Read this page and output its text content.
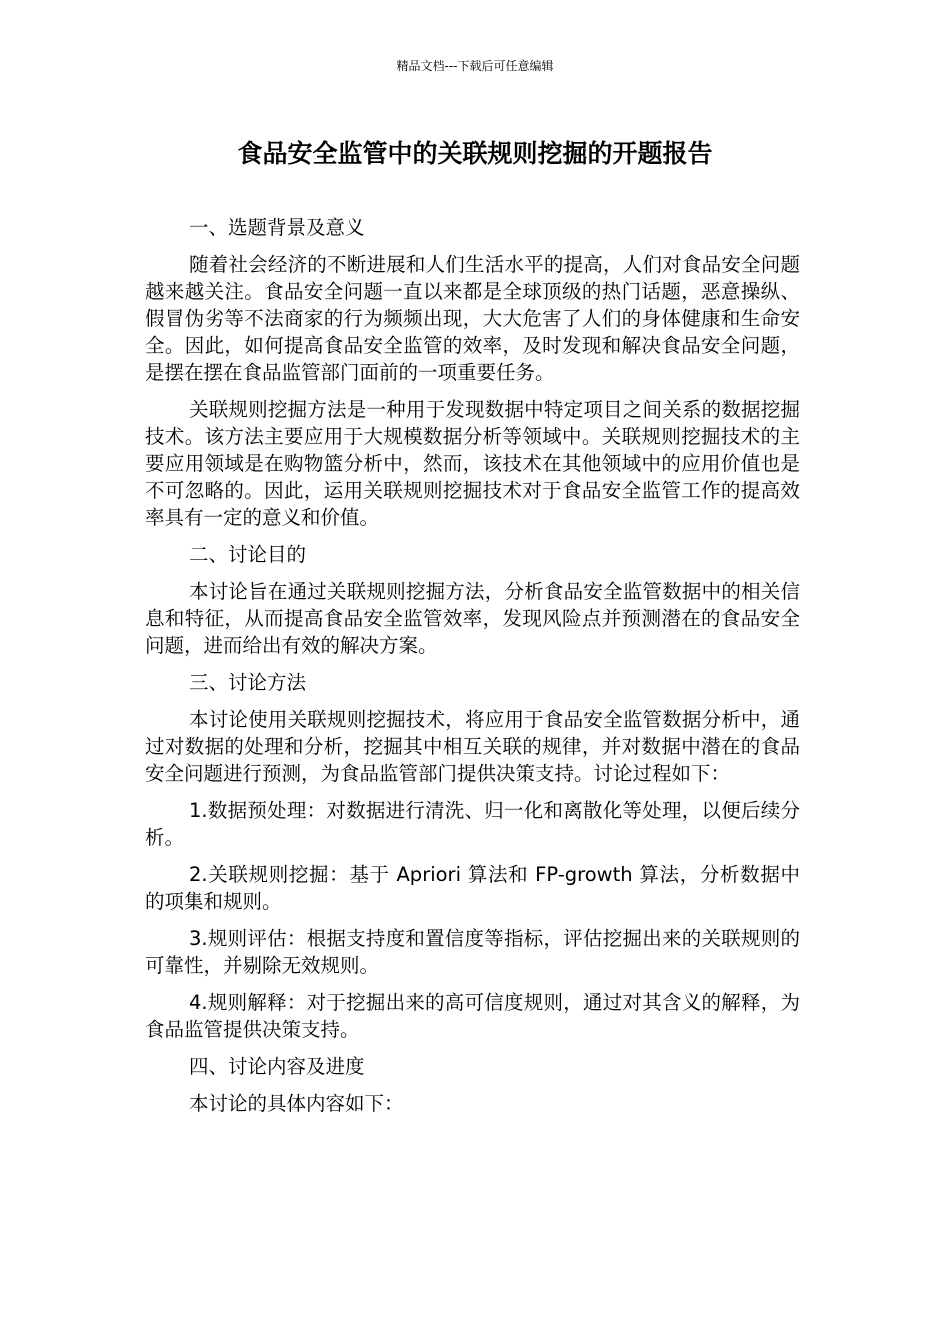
精品文档---下载后可任意编辑
食品安全监管中的关联规则挖掘的开题报告

一、选题背景及意义

随着社会经济的不断进展和人们生活水平的提高，人们对食品安全问题越来越关注。食品安全问题一直以来都是全球顶级的热门话题，恶意操纵、假冒伪劣等不法商家的行为频频出现，大大危害了人们的身体健康和生命安全。因此，如何提高食品安全监管的效率，及时发现和解决食品安全问题，是摆在摆在食品监管部门面前的一项重要任务。

关联规则挖掘方法是一种用于发现数据中特定项目之间关系的数据挖掘技术。该方法主要应用于大规模数据分析等领域中。关联规则挖掘技术的主要应用领域是在购物篮分析中，然而，该技术在其他领域中的应用价值也是不可忽略的。因此，运用关联规则挖掘技术对于食品安全监管工作的提高效率具有一定的意义和价值。

二、讨论目的

本讨论旨在通过关联规则挖掘方法，分析食品安全监管数据中的相关信息和特征，从而提高食品安全监管效率，发现风险点并预测潜在的食品安全问题，进而给出有效的解决方案。

三、讨论方法

本讨论使用关联规则挖掘技术，将应用于食品安全监管数据分析中，通过对数据的处理和分析，挖掘其中相互关联的规律，并对数据中潜在的食品安全问题进行预测，为食品监管部门提供决策支持。讨论过程如下：

1.数据预处理：对数据进行清洗、归一化和离散化等处理，以便后续分析。

2.关联规则挖掘：基于 Apriori 算法和 FP-growth 算法，分析数据中的项集和规则。

3.规则评估：根据支持度和置信度等指标，评估挖掘出来的关联规则的可靠性，并剔除无效规则。

4.规则解释：对于挖掘出来的高可信度规则，通过对其含义的解释，为食品监管提供决策支持。

四、讨论内容及进度

本讨论的具体内容如下：
